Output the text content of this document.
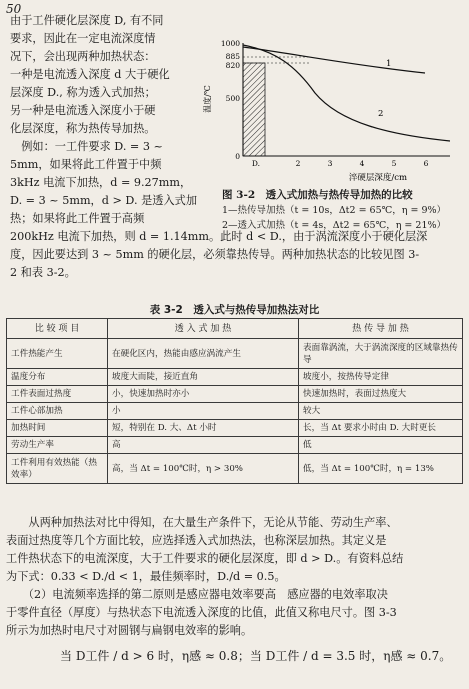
50
由于工件硬化层深度 D, 有不同
要求，因此在一定电流深度情
况下，会出现两种加热状态：
一种是电流透入深度 d 大于硬化
层深度 D., 称为透入式加热；
另一种是电流透入深度小于硬
化层深度，称为热传导加热。
　例如：一工件要求 D. = 3 ~
5mm，如果将此工件置于中频
3kHz 电流下加热，d = 9.27mm，
D. = 3 ~ 5mm，d > D. 是透入式加
热；如果将此工件置于高频
200kHz 电流下加热，则 d = 1.14mm。此时 d < D.，由于涡流深度小于硬化层深
度，因此要达到 3 ~ 5mm 的硬化层，必须靠热传导。两种加热状态的比较见图 3-
2 和表 3-2。
1000
885
820
500
0
温度/℃
D.	2	3	4	5	6
淬硬层深度/cm
1
2
图 3-2　透入式加热与热传导加热的比较
1—热传导加热（t = 10s，Δt2 = 65℃，η = 9%）
2—透入式加热（t = 4s，Δt2 = 65℃，η = 21%）
表 3-2　透入式与热传导加热法对比
比 较 项 目	透 入 式 加 热	热 传 导 加 热
工件热能产生	在硬化区内，热能由感应涡流产生	表面靠涡流，大于涡流深度的区域靠热传导
温度分布	坡度大而陡，接近直角	坡度小，按热传导定律
工件表面过热度	小，快速加热时亦小	快速加热时，表面过热度大
工件心部加热	小	较大
加热时间	短，特别在 D. 大、Δt 小时	长，当 Δt 要求小时由 D. 大时更长
劳动生产率	高	低
工件利用有效热能（热效率）	高，当 Δt = 100℃时，η > 30%	低，当 Δt = 100℃时，η = 13%
　　从两种加热法对比中得知，在大量生产条件下，无论从节能、劳动生产率、
表面过热度等几个方面比较，应选择透入式加热法，也称深层加热。其定义是
工件热状态下的电流深度，大于工件要求的硬化层深度，即 d > D.。有资料总结
为下式：0.33 < D./d < 1，最佳频率时，D./d = 0.5。
　　（2）电流频率选择的第二原则是感应器电效率要高　感应器的电效率取决
于零件直径（厚度）与热状态下电流透入深度的比值，此值又称电尺寸。图 3-3
所示为加热时电尺寸对圆钢与扁钢电效率的影响。
当 D工件 / d > 6 时，η感 ≈ 0.8；当 D工件 / d = 3.5 时，η感 ≈ 0.7。
